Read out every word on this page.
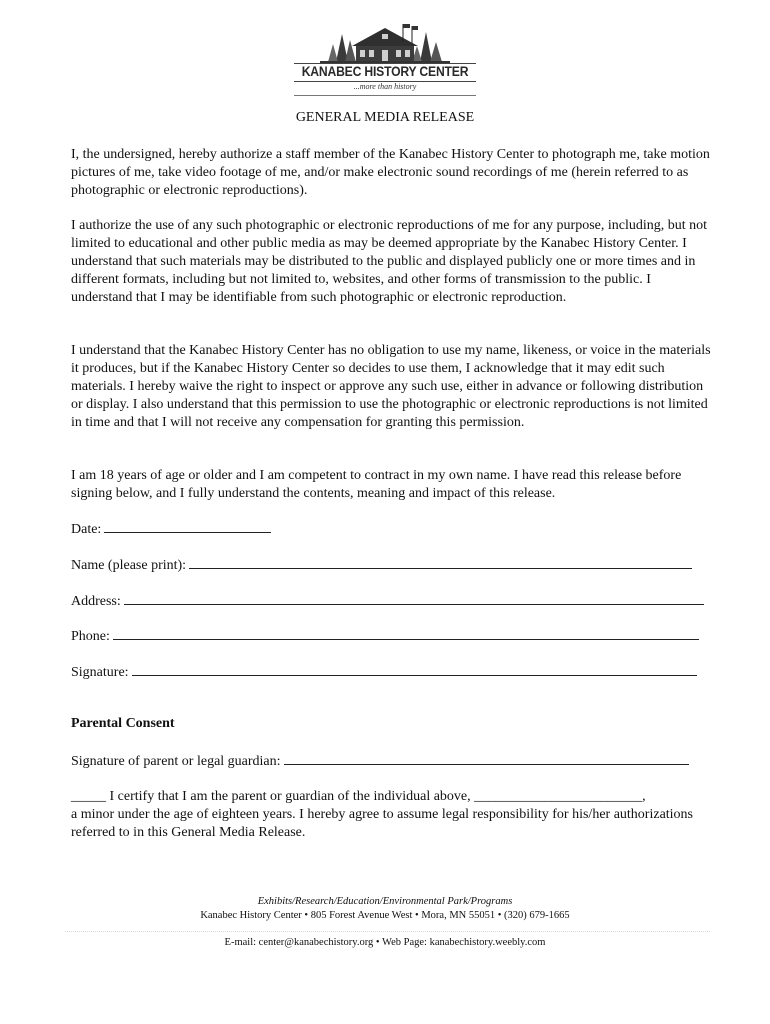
KANABEC HISTORY CENTER
...more than history
GENERAL MEDIA RELEASE

I, the undersigned, hereby authorize a staff member of the Kanabec History Center to photograph me, take motion pictures of me, take video footage of me, and/or make electronic sound recordings of me (herein referred to as photographic or electronic reproductions).

I authorize the use of any such photographic or electronic reproductions of me for any purpose, including, but not limited to educational and other public media as may be deemed appropriate by the Kanabec History Center. I understand that such materials may be distributed to the public and displayed publicly one or more times and in different formats, including but not limited to, websites, and other forms of transmission to the public. I understand that I may be identifiable from such photographic or electronic reproduction.

I understand that the Kanabec History Center has no obligation to use my name, likeness, or voice in the materials it produces, but if the Kanabec History Center so decides to use them, I acknowledge that it may edit such materials. I hereby waive the right to inspect or approve any such use, either in advance or following distribution or display. I also understand that this permission to use the photographic or electronic reproductions is not limited in time and that I will not receive any compensation for granting this permission.

I am 18 years of age or older and I am competent to contract in my own name. I have read this release before signing below, and I fully understand the contents, meaning and impact of this release.

Date:
Name (please print):
Address:
Phone:
Signature:
Parental Consent
Signature of parent or legal guardian:
_____ I certify that I am the parent or guardian of the individual above, ________________________,
a minor under the age of eighteen years. I hereby agree to assume legal responsibility for his/her authorizations referred to in this General Media Release.
Exhibits/Research/Education/Environmental Park/Programs
Kanabec History Center • 805 Forest Avenue West • Mora, MN 55051 • (320) 679-1665
E-mail: center@kanabechistory.org • Web Page: kanabechistory.weebly.com
